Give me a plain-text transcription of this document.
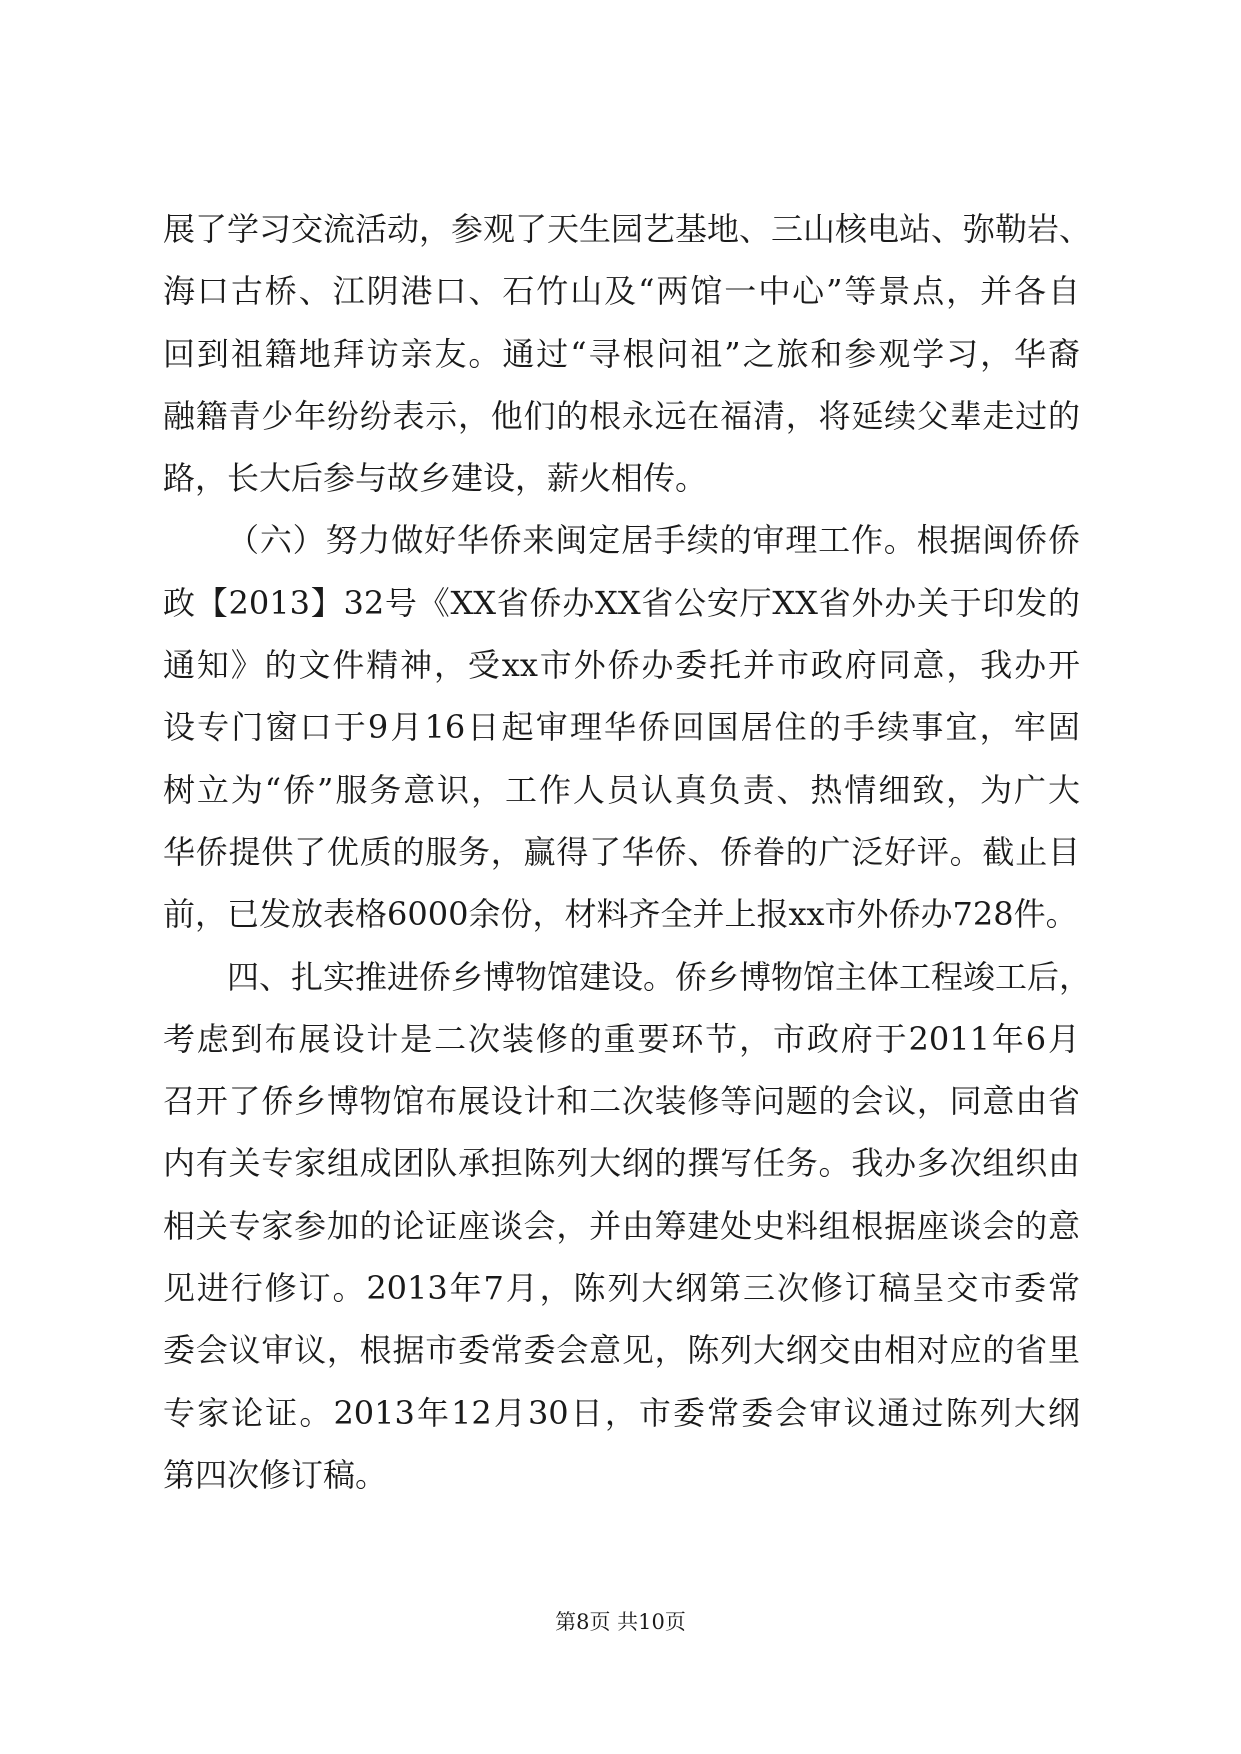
展了学习交流活动，参观了天生园艺基地、三山核电站、弥勒岩、
海口古桥、江阴港口、石竹山及“两馆一中心”等景点，并各自
回到祖籍地拜访亲友。通过“寻根问祖”之旅和参观学习，华裔
融籍青少年纷纷表示，他们的根永远在福清，将延续父辈走过的
路，长大后参与故乡建设，薪火相传。
（六）努力做好华侨来闽定居手续的审理工作。根据闽侨侨
政【2013】32号《XX省侨办XX省公安厅XX省外办关于印发的
通知》的文件精神，受xx市外侨办委托并市政府同意，我办开
设专门窗口于9月16日起审理华侨回国居住的手续事宜，牢固
树立为“侨”服务意识，工作人员认真负责、热情细致，为广大
华侨提供了优质的服务，赢得了华侨、侨眷的广泛好评。截止目
前，已发放表格6000余份，材料齐全并上报xx市外侨办728件。
四、扎实推进侨乡博物馆建设。侨乡博物馆主体工程竣工后，
考虑到布展设计是二次装修的重要环节，市政府于2011年6月
召开了侨乡博物馆布展设计和二次装修等问题的会议，同意由省
内有关专家组成团队承担陈列大纲的撰写任务。我办多次组织由
相关专家参加的论证座谈会，并由筹建处史料组根据座谈会的意
见进行修订。2013年7月，陈列大纲第三次修订稿呈交市委常
委会议审议，根据市委常委会意见，陈列大纲交由相对应的省里
专家论证。2013年12月30日，市委常委会审议通过陈列大纲
第四次修订稿。
第8页 共10页
